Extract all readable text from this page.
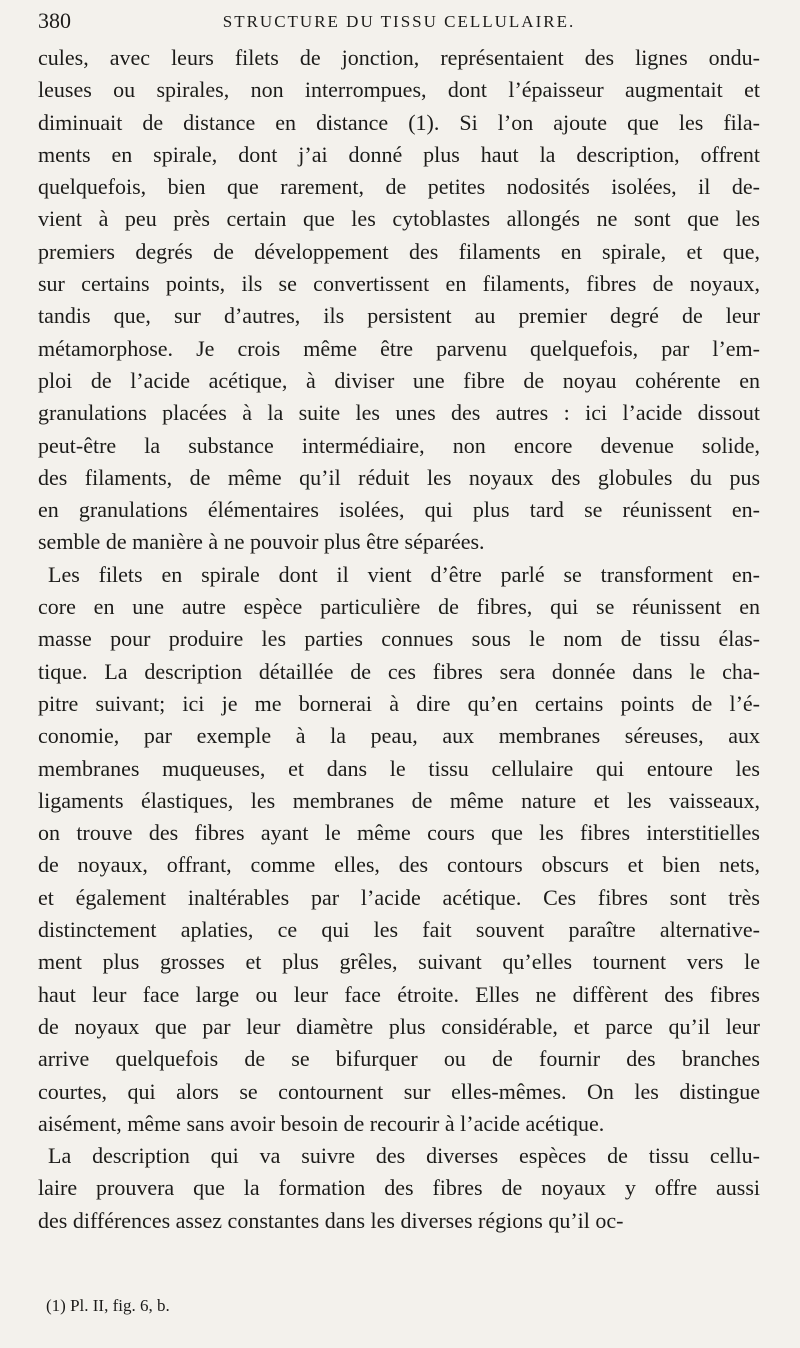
380	STRUCTURE DU TISSU CELLULAIRE.

cules, avec leurs filets de jonction, représentaient des lignes ondu-
leuses ou spirales, non interrompues, dont l’épaisseur augmentait et
diminuait de distance en distance (1). Si l’on ajoute que les fila-
ments en spirale, dont j’ai donné plus haut la description, offrent
quelquefois, bien que rarement, de petites nodosités isolées, il de-
vient à peu près certain que les cytoblastes allongés ne sont que les
premiers degrés de développement des filaments en spirale, et que,
sur certains points, ils se convertissent en filaments, fibres de noyaux,
tandis que, sur d’autres, ils persistent au premier degré de leur
métamorphose. Je crois même être parvenu quelquefois, par l’em-
ploi de l’acide acétique, à diviser une fibre de noyau cohérente en
granulations placées à la suite les unes des autres : ici l’acide dissout
peut-être la substance intermédiaire, non encore devenue solide,
des filaments, de même qu’il réduit les noyaux des globules du pus
en granulations élémentaires isolées, qui plus tard se réunissent en-
semble de manière à ne pouvoir plus être séparées.

Les filets en spirale dont il vient d’être parlé se transforment en-
core en une autre espèce particulière de fibres, qui se réunissent en
masse pour produire les parties connues sous le nom de tissu élas-
tique. La description détaillée de ces fibres sera donnée dans le cha-
pitre suivant; ici je me bornerai à dire qu’en certains points de l’é-
conomie, par exemple à la peau, aux membranes séreuses, aux
membranes muqueuses, et dans le tissu cellulaire qui entoure les
ligaments élastiques, les membranes de même nature et les vaisseaux,
on trouve des fibres ayant le même cours que les fibres interstitielles
de noyaux, offrant, comme elles, des contours obscurs et bien nets,
et également inaltérables par l’acide acétique. Ces fibres sont très
distinctement aplaties, ce qui les fait souvent paraître alternative-
ment plus grosses et plus grêles, suivant qu’elles tournent vers le
haut leur face large ou leur face étroite. Elles ne diffèrent des fibres
de noyaux que par leur diamètre plus considérable, et parce qu’il leur
arrive quelquefois de se bifurquer ou de fournir des branches
courtes, qui alors se contournent sur elles-mêmes. On les distingue
aisément, même sans avoir besoin de recourir à l’acide acétique.

La description qui va suivre des diverses espèces de tissu cellu-
laire prouvera que la formation des fibres de noyaux y offre aussi
des différences assez constantes dans les diverses régions qu’il oc-

(1) Pl. II, fig. 6, b.
